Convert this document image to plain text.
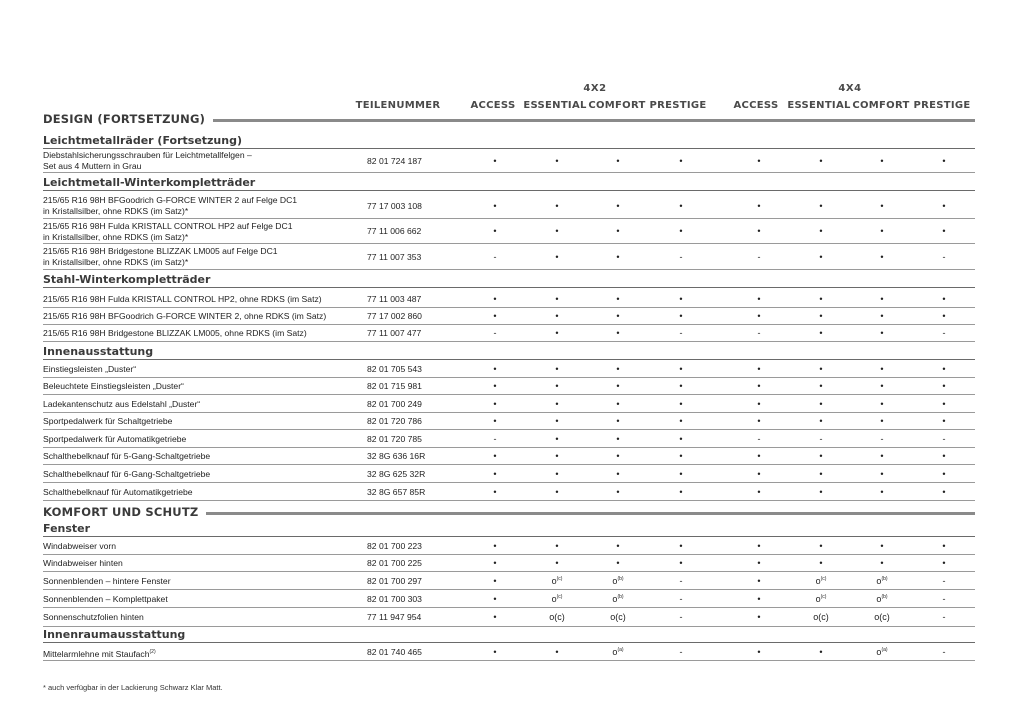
TEILENUMMER
4X2	4X4
ACCESS ESSENTIAL COMFORT PRESTIGE	ACCESS ESSENTIAL COMFORT PRESTIGE
DESIGN (FORTSETZUNG)
Leichtmetallräder (Fortsetzung)
Diebstahlsicherungsschrauben für Leichtmetallfelgen –
Set aus 4 Muttern in Grau	82 01 724 187	•	•	•	•	•	•	•	•
Leichtmetall-Winterkompletträder
215/65 R16 98H BFGoodrich G-FORCE WINTER 2 auf Felge DC1
in Kristallsilber, ohne RDKS (im Satz)*	77 17 003 108	•	•	•	•	•	•	•	•
215/65 R16 98H Fulda KRISTALL CONTROL HP2 auf Felge DC1
in Kristallsilber, ohne RDKS (im Satz)*
77 11 006 662	•	•	•	•	•	•	•	•
215/65 R16 98H Bridgestone BLIZZAK LM005 auf Felge DC1
in Kristallsilber, ohne RDKS (im Satz)*	77 11 007 353	-	•	•	-	-	•	•	-
Stahl-Winterkompletträder
215/65 R16 98H Fulda KRISTALL CONTROL HP2, ohne RDKS (im Satz)	77 11 003 487	•	•	•	•	•	•	•	•
215/65 R16 98H BFGoodrich G-FORCE WINTER 2, ohne RDKS (im Satz)	77 17 002 860	•	•	•	•	•	•	•	•
215/65 R16 98H Bridgestone BLIZZAK LM005, ohne RDKS (im Satz)	77 11 007 477	-	•	•	-	-	•	•	-
Innenausstattung
Einstiegsleisten „Duster“	82 01 705 543	•	•	•	•	•	•	•	•
Beleuchtete Einstiegsleisten „Duster“	82 01 715 981	•	•	•	•	•	•	•	•
Ladekantenschutz aus Edelstahl „Duster“	82 01 700 249	•	•	•	•	•	•	•	•
Sportpedalwerk für Schaltgetriebe	82 01 720 786	•	•	•	•	•	•	•	•
Sportpedalwerk für Automatikgetriebe	82 01 720 785	-	•	•	•	-	-	-	-
Schalthebelknauf für 5-Gang-Schaltgetriebe	32 8G 636 16R	•	•	•	•	•	•	•	•
Schalthebelknauf für 6-Gang-Schaltgetriebe	32 8G 625 32R	•	•	•	•	•	•	•	•
Schalthebelknauf für Automatikgetriebe	32 8G 657 85R	•	•	•	•	•	•	•	•
KOMFORT UND SCHUTZ
Fenster
Windabweiser vorn	82 01 700 223	•	•	•	•	•	•	•	•
Windabweiser hinten	82 01 700 225	•	•	•	•	•	•	•	•
Sonnenblenden – hintere Fenster	82 01 700 297	•	$o^{(c)}$	$o^{(b)}$	-	•	$o^{(c)}$	$o^{(b)}$	-
Sonnenblenden – Komplettpaket	82 01 700 303	•	$o^{(c)}$	$o^{(b)}$	-	•	$o^{(c)}$	$o^{(b)}$	-
Sonnenschutzfolien hinten	77 11 947 954	•	o(c)	o(c)	-	•	o(c)	o(c)	-
Innenraumausstattung
Mittelarmlehne mit Staufach$^{(2)}$	82 01 740 465	•	•	$o^{(a)}$	-	•	•	$o^{(a)}$	-
* auch verfügbar in der Lackierung Schwarz Klar Matt.
